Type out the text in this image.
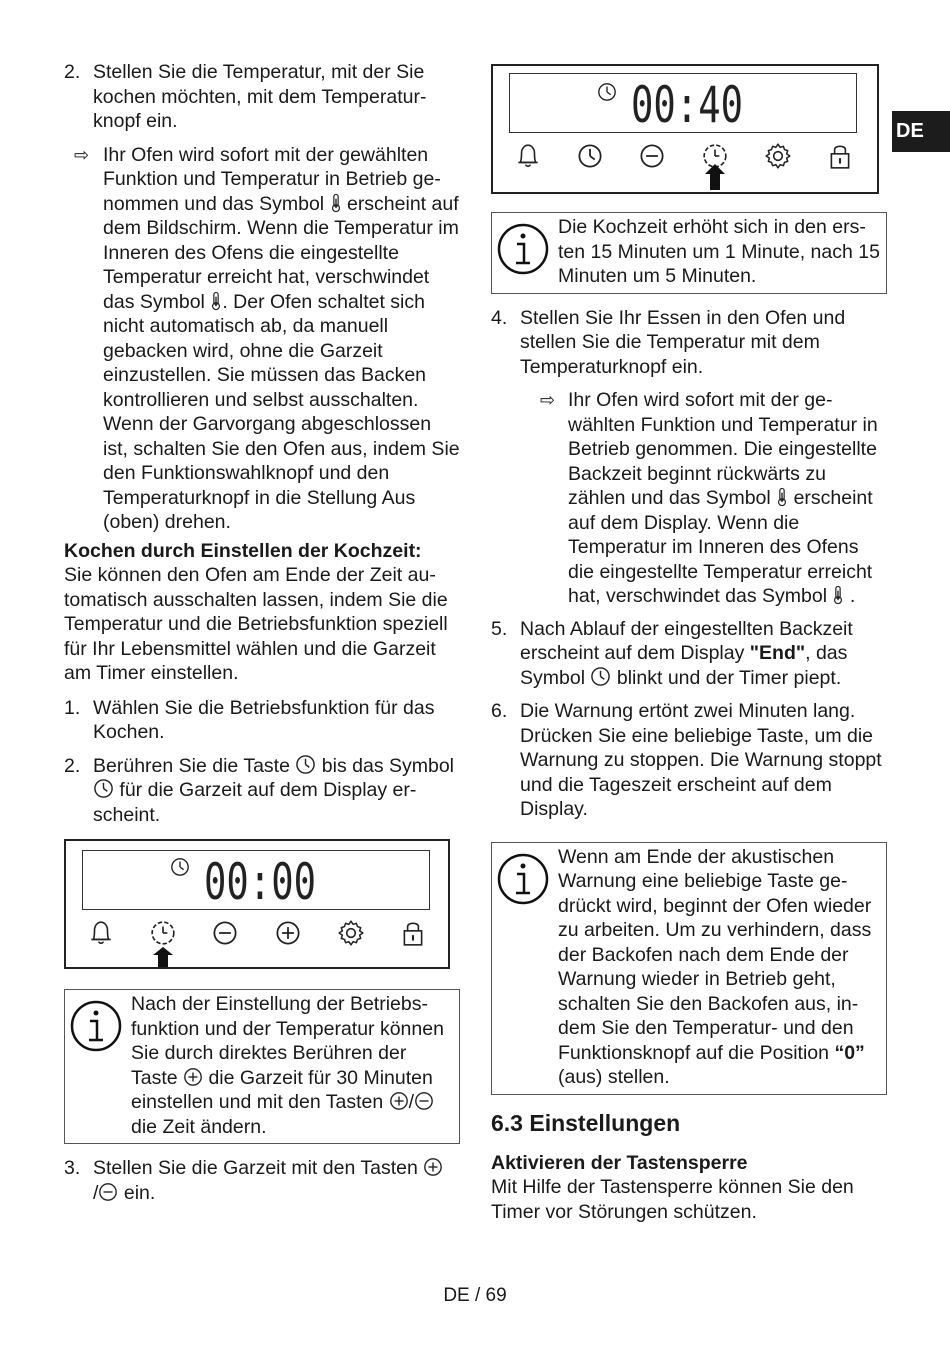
DE
2. Stellen Sie die Temperatur, mit der Sie kochen möchten, mit dem Temperaturknopf ein.

⇨ Ihr Ofen wird sofort mit der gewählten Funktion und Temperatur in Betrieb genommen und das Symbol erscheint auf dem Bildschirm. Wenn die Temperatur im Inneren des Ofens die eingestellte Temperatur erreicht hat, verschwindet das Symbol . Der Ofen schaltet sich nicht automatisch ab, da manuell gebacken wird, ohne die Garzeit einzustellen. Sie müssen das Backen kontrollieren und selbst ausschalten. Wenn der Garvorgang abgeschlossen ist, schalten Sie den Ofen aus, indem Sie den Funktionswahlknopf und den Temperaturknopf in die Stellung Aus (oben) drehen.

Kochen durch Einstellen der Kochzeit:

Sie können den Ofen am Ende der Zeit automatisch ausschalten lassen, indem Sie die Temperatur und die Betriebsfunktion speziell für Ihr Lebensmittel wählen und die Garzeit am Timer einstellen.

1. Wählen Sie die Betriebsfunktion für das Kochen.

2. Berühren Sie die Taste bis das Symbol  für die Garzeit auf dem Display erscheint.

00:00

Nach der Einstellung der Betriebsfunktion und der Temperatur können Sie durch direktes Berühren der Taste die Garzeit für 30 Minuten einstellen und mit den Tasten / die Zeit ändern.

3. Stellen Sie die Garzeit mit den Tasten
/ ein.

00:40

Die Kochzeit erhöht sich in den ersten 15 Minuten um 1 Minute, nach 15 Minuten um 5 Minuten.

4. Stellen Sie Ihr Essen in den Ofen und stellen Sie die Temperatur mit dem Temperaturknopf ein.

⇨ Ihr Ofen wird sofort mit der gewählten Funktion und Temperatur in Betrieb genommen. Die eingestellte Backzeit beginnt rückwärts zu zählen und das Symbol erscheint auf dem Display. Wenn die Temperatur im Inneren des Ofens die eingestellte Temperatur erreicht hat, verschwindet das Symbol .

5. Nach Ablauf der eingestellten Backzeit erscheint auf dem Display "End", das Symbol blinkt und der Timer piept.

6. Die Warnung ertönt zwei Minuten lang. Drücken Sie eine beliebige Taste, um die Warnung zu stoppen. Die Warnung stoppt und die Tageszeit erscheint auf dem Display.

Wenn am Ende der akustischen Warnung eine beliebige Taste gedrückt wird, beginnt der Ofen wieder zu arbeiten. Um zu verhindern, dass der Backofen nach dem Ende der Warnung wieder in Betrieb geht, schalten Sie den Backofen aus, indem Sie den Temperatur- und den Funktionsknopf auf die Position “0” (aus) stellen.

6.3 Einstellungen

Aktivieren der Tastensperre

Mit Hilfe der Tastensperre können Sie den Timer vor Störungen schützen.

DE / 69
